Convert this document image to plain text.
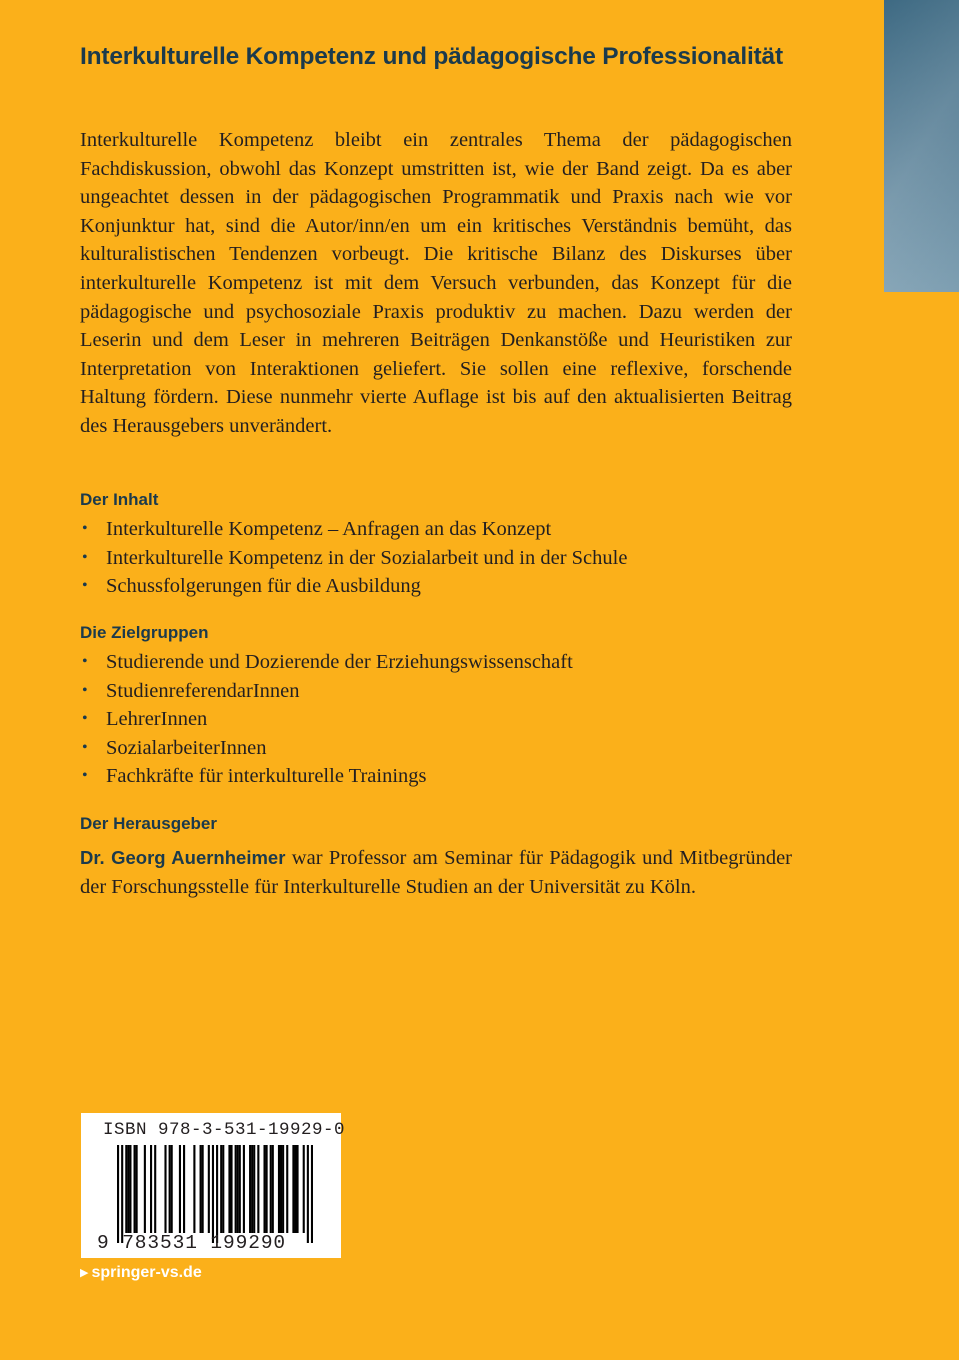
Interkulturelle Kompetenz und pädagogische Professionalität

Interkulturelle Kompetenz bleibt ein zentrales Thema der pädagogischen Fachdiskussion, obwohl das Konzept umstritten ist, wie der Band zeigt. Da es aber ungeachtet dessen in der pädagogischen Programmatik und Praxis nach wie vor Konjunktur hat, sind die Autor/inn/en um ein kritisches Verständnis bemüht, das kulturalistischen Tendenzen vorbeugt. Die kritische Bilanz des Diskurses über interkulturelle Kompetenz ist mit dem Versuch verbunden, das Konzept für die pädagogische und psychosoziale Praxis produktiv zu machen. Dazu werden der Leserin und dem Leser in mehreren Beiträgen Denkanstöße und Heuristiken zur Interpretation von Interaktionen geliefert. Sie sollen eine reflexive, forschende Haltung fördern. Diese nunmehr vierte Auflage ist bis auf den aktualisierten Beitrag des Herausgebers unverändert.

Der Inhalt
• Interkulturelle Kompetenz – Anfragen an das Konzept
• Interkulturelle Kompetenz in der Sozialarbeit und in der Schule
• Schussfolgerungen für die Ausbildung
Die Zielgruppen
• Studierende und Dozierende der Erziehungswissenschaft
• StudienreferendarInnen
• LehrerInnen
• SozialarbeiterInnen
• Fachkräfte für interkulturelle Trainings
Der Herausgeber

Dr. Georg Auernheimer war Professor am Seminar für Pädagogik und Mitbegründer der Forschungsstelle für Interkulturelle Studien an der Universität zu Köln.

ISBN 978-3-531-19929-0

9 783531 199290

▶ springer-vs.de
